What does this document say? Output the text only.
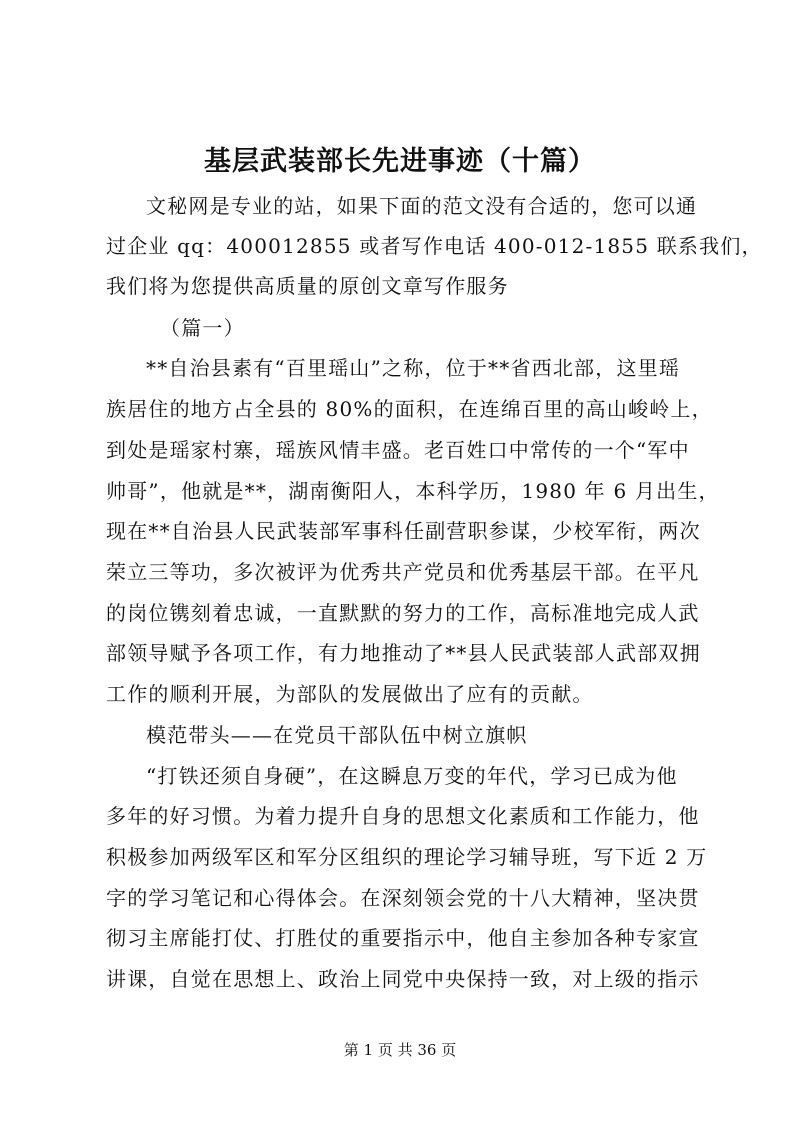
基层武装部长先进事迹（十篇）
文秘网是专业的站，如果下面的范文没有合适的，您可以通
过企业 qq：400012855 或者写作电话 400-012-1855 联系我们，
我们将为您提供高质量的原创文章写作服务
（篇一）
**自治县素有“百里瑶山”之称，位于**省西北部，这里瑶
族居住的地方占全县的 80%的面积，在连绵百里的高山峻岭上，
到处是瑶家村寨，瑶族风情丰盛。老百姓口中常传的一个“军中
帅哥”，他就是**，湖南衡阳人，本科学历，1980 年 6 月出生，
现在**自治县人民武装部军事科任副营职参谋，少校军衔，两次
荣立三等功，多次被评为优秀共产党员和优秀基层干部。在平凡
的岗位镌刻着忠诚，一直默默的努力的工作，高标准地完成人武
部领导赋予各项工作，有力地推动了**县人民武装部人武部双拥
工作的顺利开展，为部队的发展做出了应有的贡献。
模范带头——在党员干部队伍中树立旗帜
“打铁还须自身硬”，在这瞬息万变的年代，学习已成为他
多年的好习惯。为着力提升自身的思想文化素质和工作能力，他
积极参加两级军区和军分区组织的理论学习辅导班，写下近 2 万
字的学习笔记和心得体会。在深刻领会党的十八大精神，坚决贯
彻习主席能打仗、打胜仗的重要指示中，他自主参加各种专家宣
讲课，自觉在思想上、政治上同党中央保持一致，对上级的指示
第 1 页 共 36 页
